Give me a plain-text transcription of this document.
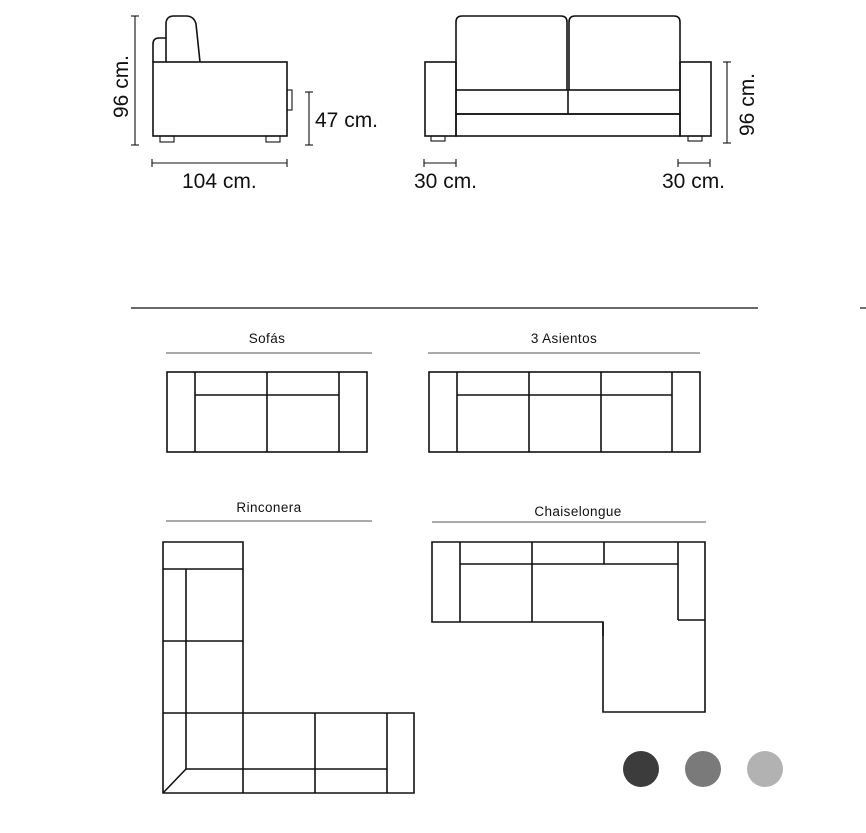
96 cm.
104 cm.
47 cm.
30 cm.	30 cm.
96 cm.
Sofás	3 Asientos
Rinconera	Chaiselongue
